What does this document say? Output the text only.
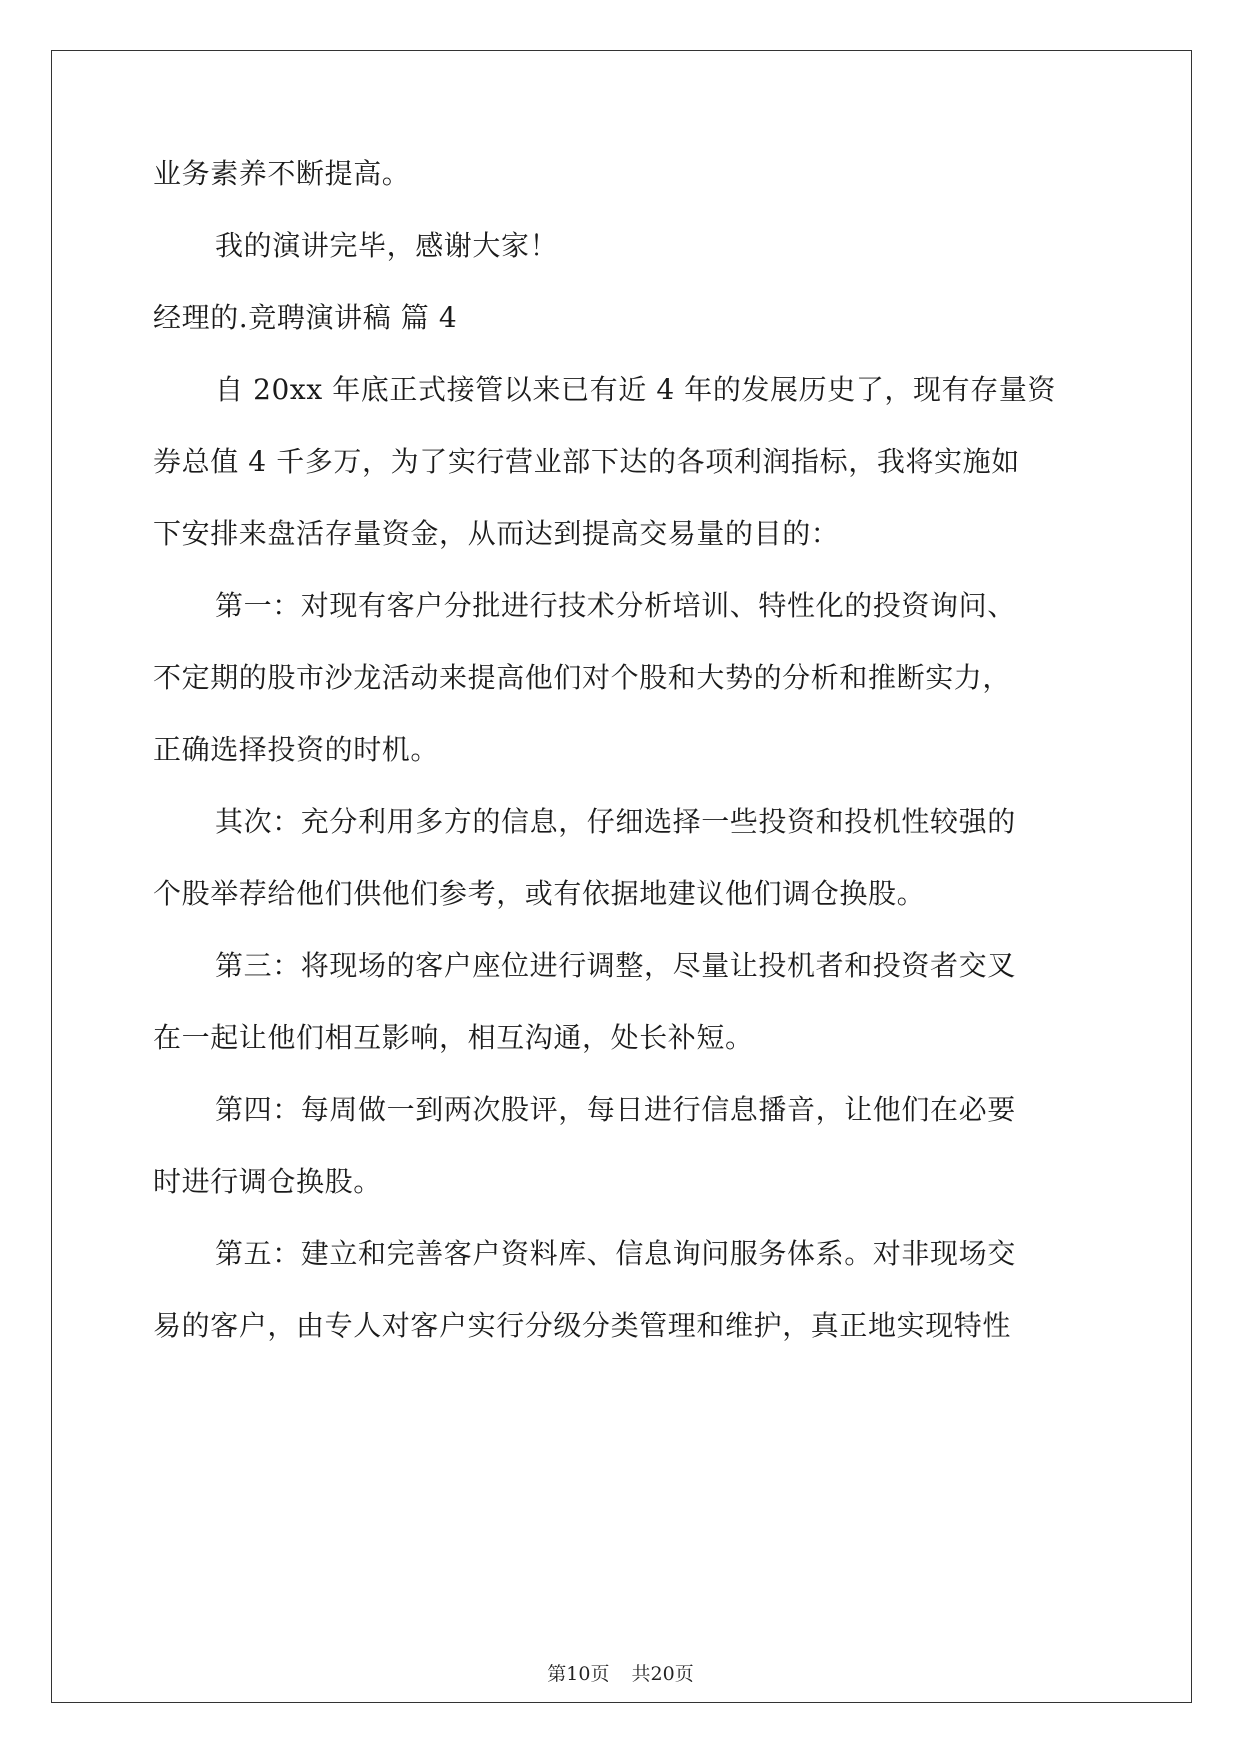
业务素养不断提高。
我的演讲完毕，感谢大家！
经理的.竞聘演讲稿 篇 4
自 20xx 年底正式接管以来已有近 4 年的发展历史了，现有存量资
券总值 4 千多万，为了实行营业部下达的各项利润指标，我将实施如
下安排来盘活存量资金，从而达到提高交易量的目的：
第一：对现有客户分批进行技术分析培训、特性化的投资询问、
不定期的股市沙龙活动来提高他们对个股和大势的分析和推断实力，
正确选择投资的时机。
其次：充分利用多方的信息，仔细选择一些投资和投机性较强的
个股举荐给他们供他们参考，或有依据地建议他们调仓换股。
第三：将现场的客户座位进行调整，尽量让投机者和投资者交叉
在一起让他们相互影响，相互沟通，处长补短。
第四：每周做一到两次股评，每日进行信息播音，让他们在必要
时进行调仓换股。
第五：建立和完善客户资料库、信息询问服务体系。对非现场交
易的客户，由专人对客户实行分级分类管理和维护，真正地实现特性
第10页 共20页
